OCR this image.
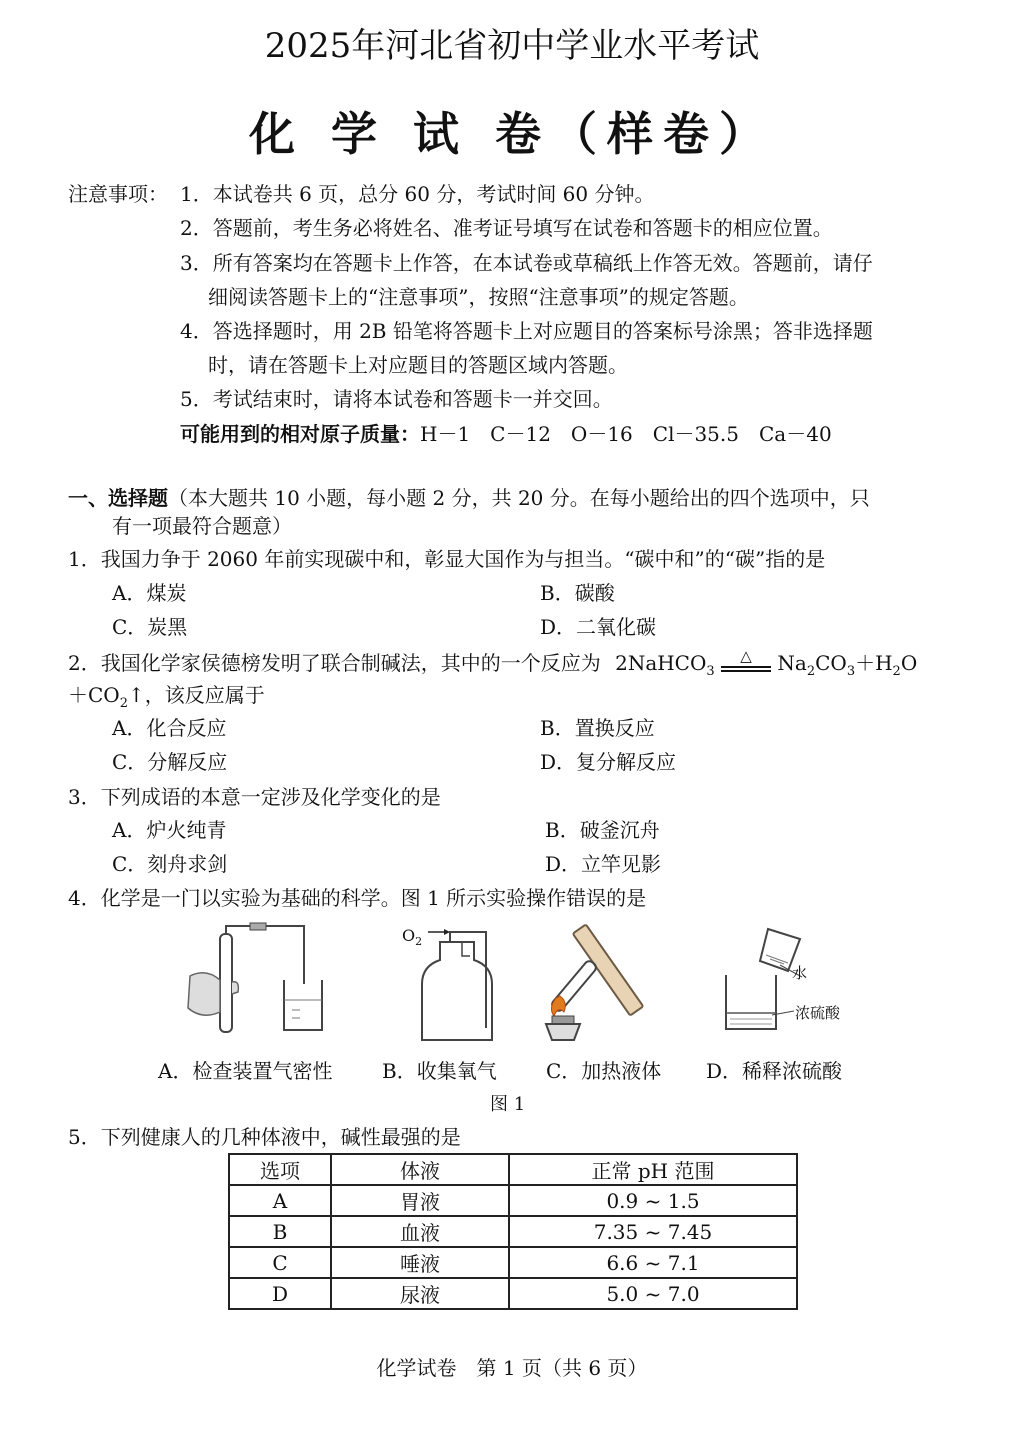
2025年河北省初中学业水平考试
化 学 试 卷（样卷）
注意事项： 1．本试卷共 6 页，总分 60 分，考试时间 60 分钟。
2．答题前，考生务必将姓名、准考证号填写在试卷和答题卡的相应位置。
3．所有答案均在答题卡上作答，在本试卷或草稿纸上作答无效。答题前，请仔
细阅读答题卡上的“注意事项”，按照“注意事项”的规定答题。
4．答选择题时，用 2B 铅笔将答题卡上对应题目的答案标号涂黑；答非选择题
时，请在答题卡上对应题目的答题区域内答题。
5．考试结束时，请将本试卷和答题卡一并交回。
可能用到的相对原子质量：H－1　C－12　O－16　Cl－35.5　Ca－40
一、选择题（本大题共 10 小题，每小题 2 分，共 20 分。在每小题给出的四个选项中，只
有一项最符合题意）
1．我国力争于 2060 年前实现碳中和，彰显大国作为与担当。“碳中和”的“碳”指的是
A．煤炭	B．碳酸
C．炭黑	D．二氧化碳
2．我国化学家侯德榜发明了联合制碱法，其中的一个反应为 2NaHCO$_3$
△	$Na_2CO_3+H_2O$
$+CO_2↑$，该反应属于
A．化合反应	B．置换反应
C．分解反应	D．复分解反应
3．下列成语的本意一定涉及化学变化的是
A．炉火纯青	B．破釜沉舟
C．刻舟求剑	D．立竿见影
4．化学是一门以实验为基础的科学。图 1 所示实验操作错误的是
$O_2$
水
浓硫酸
A．检查装置气密性 B．收集氧气 C．加热液体 D．稀释浓硫酸
图 1
5．下列健康人的几种体液中，碱性最强的是
选项	体液	正常 pH 范围
A	胃液	0.9 ~ 1.5
B	血液	7.35 ~ 7.45
C	唾液	6.6 ~ 7.1
D	尿液	5.0 ~ 7.0
化学试卷　第 1 页（共 6 页）
